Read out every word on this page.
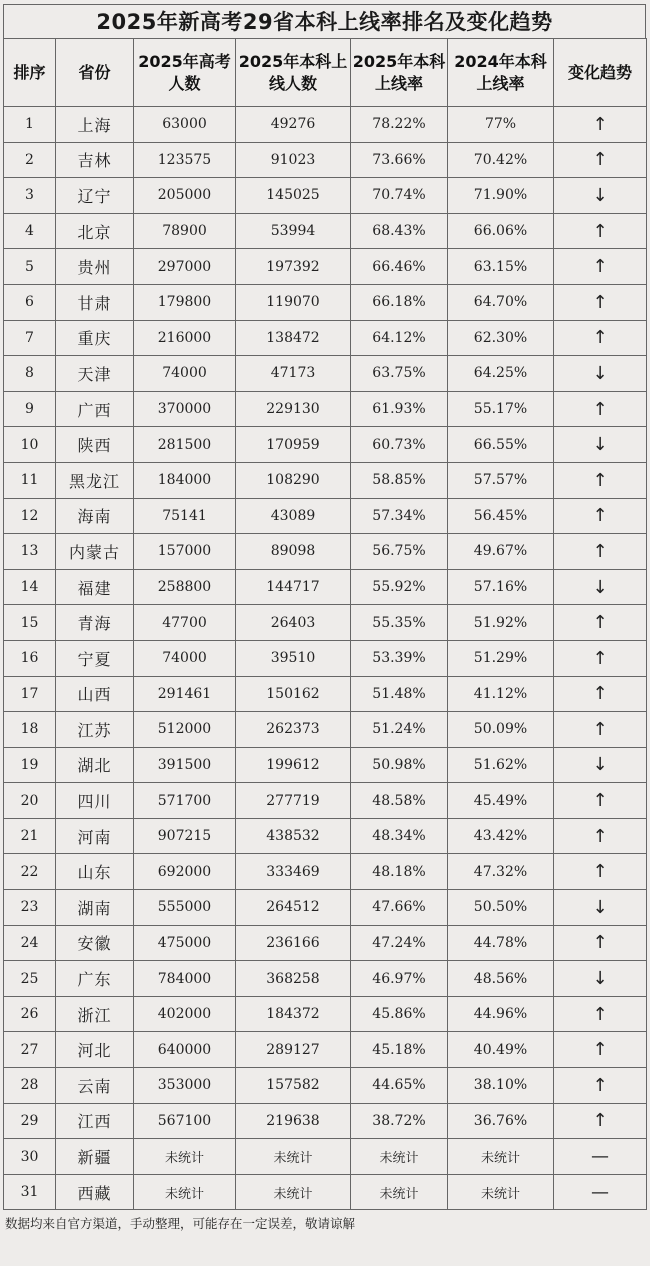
2025年新高考29省本科上线率排名及变化趋势
排序	省份	2025年高考人数	2025年本科上线人数	2025年本科上线率	2024年本科上线率	变化趋势
1	上海	63000	49276	78.22%	77%	↑
2	吉林	123575	91023	73.66%	70.42%	↑
3	辽宁	205000	145025	70.74%	71.90%	↓
4	北京	78900	53994	68.43%	66.06%	↑
5	贵州	297000	197392	66.46%	63.15%	↑
6	甘肃	179800	119070	66.18%	64.70%	↑
7	重庆	216000	138472	64.12%	62.30%	↑
8	天津	74000	47173	63.75%	64.25%	↓
9	广西	370000	229130	61.93%	55.17%	↑
10	陕西	281500	170959	60.73%	66.55%	↓
11	黑龙江	184000	108290	58.85%	57.57%	↑
12	海南	75141	43089	57.34%	56.45%	↑
13	内蒙古	157000	89098	56.75%	49.67%	↑
14	福建	258800	144717	55.92%	57.16%	↓
15	青海	47700	26403	55.35%	51.92%	↑
16	宁夏	74000	39510	53.39%	51.29%	↑
17	山西	291461	150162	51.48%	41.12%	↑
18	江苏	512000	262373	51.24%	50.09%	↑
19	湖北	391500	199612	50.98%	51.62%	↓
20	四川	571700	277719	48.58%	45.49%	↑
21	河南	907215	438532	48.34%	43.42%	↑
22	山东	692000	333469	48.18%	47.32%	↑
23	湖南	555000	264512	47.66%	50.50%	↓
24	安徽	475000	236166	47.24%	44.78%	↑
25	广东	784000	368258	46.97%	48.56%	↓
26	浙江	402000	184372	45.86%	44.96%	↑
27	河北	640000	289127	45.18%	40.49%	↑
28	云南	353000	157582	44.65%	38.10%	↑
29	江西	567100	219638	38.72%	36.76%	↑
30	新疆	未统计	未统计	未统计	未统计	—
31	西藏	未统计	未统计	未统计	未统计	—
数据均来自官方渠道，手动整理，可能存在一定误差，敬请谅解
